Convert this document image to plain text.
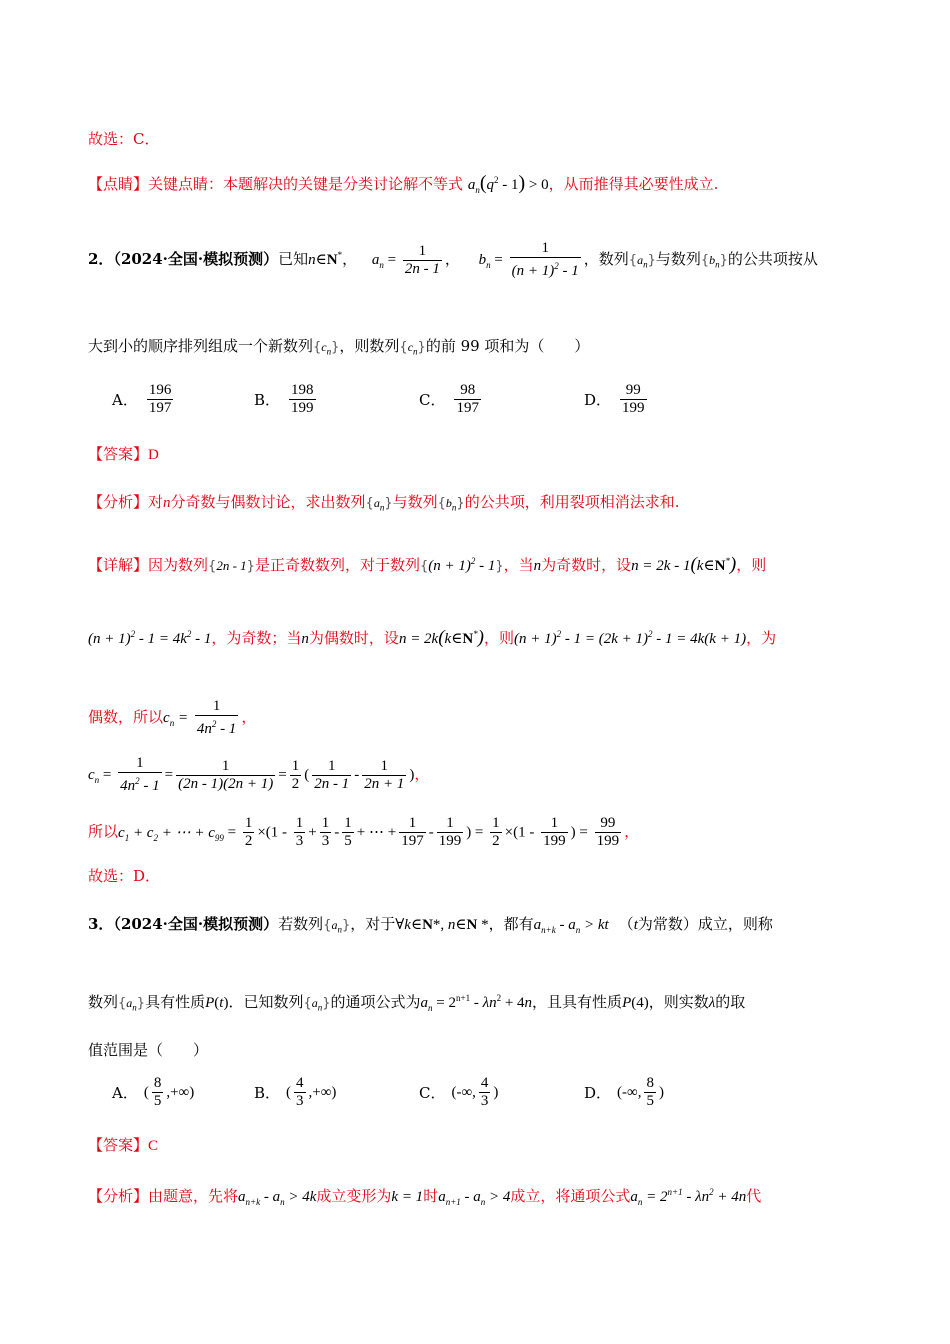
故选：C．
【点睛】关键点睛：本题解决的关键是分类讨论解不等式 $a_n(q^2 - 1) > 0$，从而推得其必要性成立.
2．（2024·全国·模拟预测）已知n∈N*， $a_n = \frac{1}{2n - 1}$ ， $b_n = \frac{1}{(n + 1)^2 - 1}$ ，数列$\{a_n\}$与数列$\{b_n\}$的公共项按从
大到小的顺序排列组成一个新数列$\{c_n\}$，则数列$\{c_n\}$的前 99 项和为（　　）
A． $\frac{196}{197}$	B． $\frac{198}{199}$	C． $\frac{98}{197}$	D． $\frac{99}{199}$
【答案】D
【分析】对n分奇数与偶数讨论，求出数列$\{a_n\}$与数列$\{b_n\}$的公共项，利用裂项相消法求和.
【详解】因为数列{2n - 1}是正奇数数列，对于数列$\{(n + 1)^2 - 1\}$，当n为奇数时，设n = 2k - 1(k∈N*)，则
$(n + 1)^2 - 1 = 4k^2 - 1$，为奇数；当n为偶数时，设n = 2k(k∈N*)，则$(n + 1)^2 - 1 = (2k + 1)^2 - 1 = 4k(k + 1)$，为
偶数，所以$c_n = \frac{1}{4n^2 - 1}$ ，
$c_n = \frac{1}{4n^2 - 1} = \frac{1}{(2n - 1)(2n + 1)} = \frac{1}{2}$ ( $\frac{1}{2n - 1} - \frac{1}{2n + 1}$ )，
所以$c_1 + c_2$ + ⋯ + $c_{99} = \frac{1}{2} \times(1 - \frac{1}{3} + \frac{1}{3} - \frac{1}{5}$ + ⋯ + $\frac{1}{197} - \frac{1}{199}$ ) = $\frac{1}{2} \times(1 - \frac{1}{199}$ ) = $\frac{99}{199}$ ，
故选：D．
3．（2024·全国·模拟预测）若数列$\{a_n\}$，对于∀k∈N*, n∈N *，都有$a_{n+k} - a_n$ > kt （t为常数）成立，则称
数列$\{a_n\}$具有性质P(t)．已知数列$\{a_n\}$的通项公式为$a_n = 2^{n+1} - \lambda n^2 + 4n$，且具有性质P(4)，则实数λ的取
值范围是（　　）
A． ( $\frac{8}{5}$ ,+∞)	B． ( $\frac{4}{3}$ ,+∞)	C． (-∞, $\frac{4}{3}$ )	D． (-∞, $\frac{8}{5}$ )
【答案】C
【分析】由题意，先将$a_{n+k} - a_n > 4k$成立变形为k = 1时$a_{n+1} - a_n > 4$成立，将通项公式$a_n = 2^{n+1} - \lambda n^2 + 4n$代
